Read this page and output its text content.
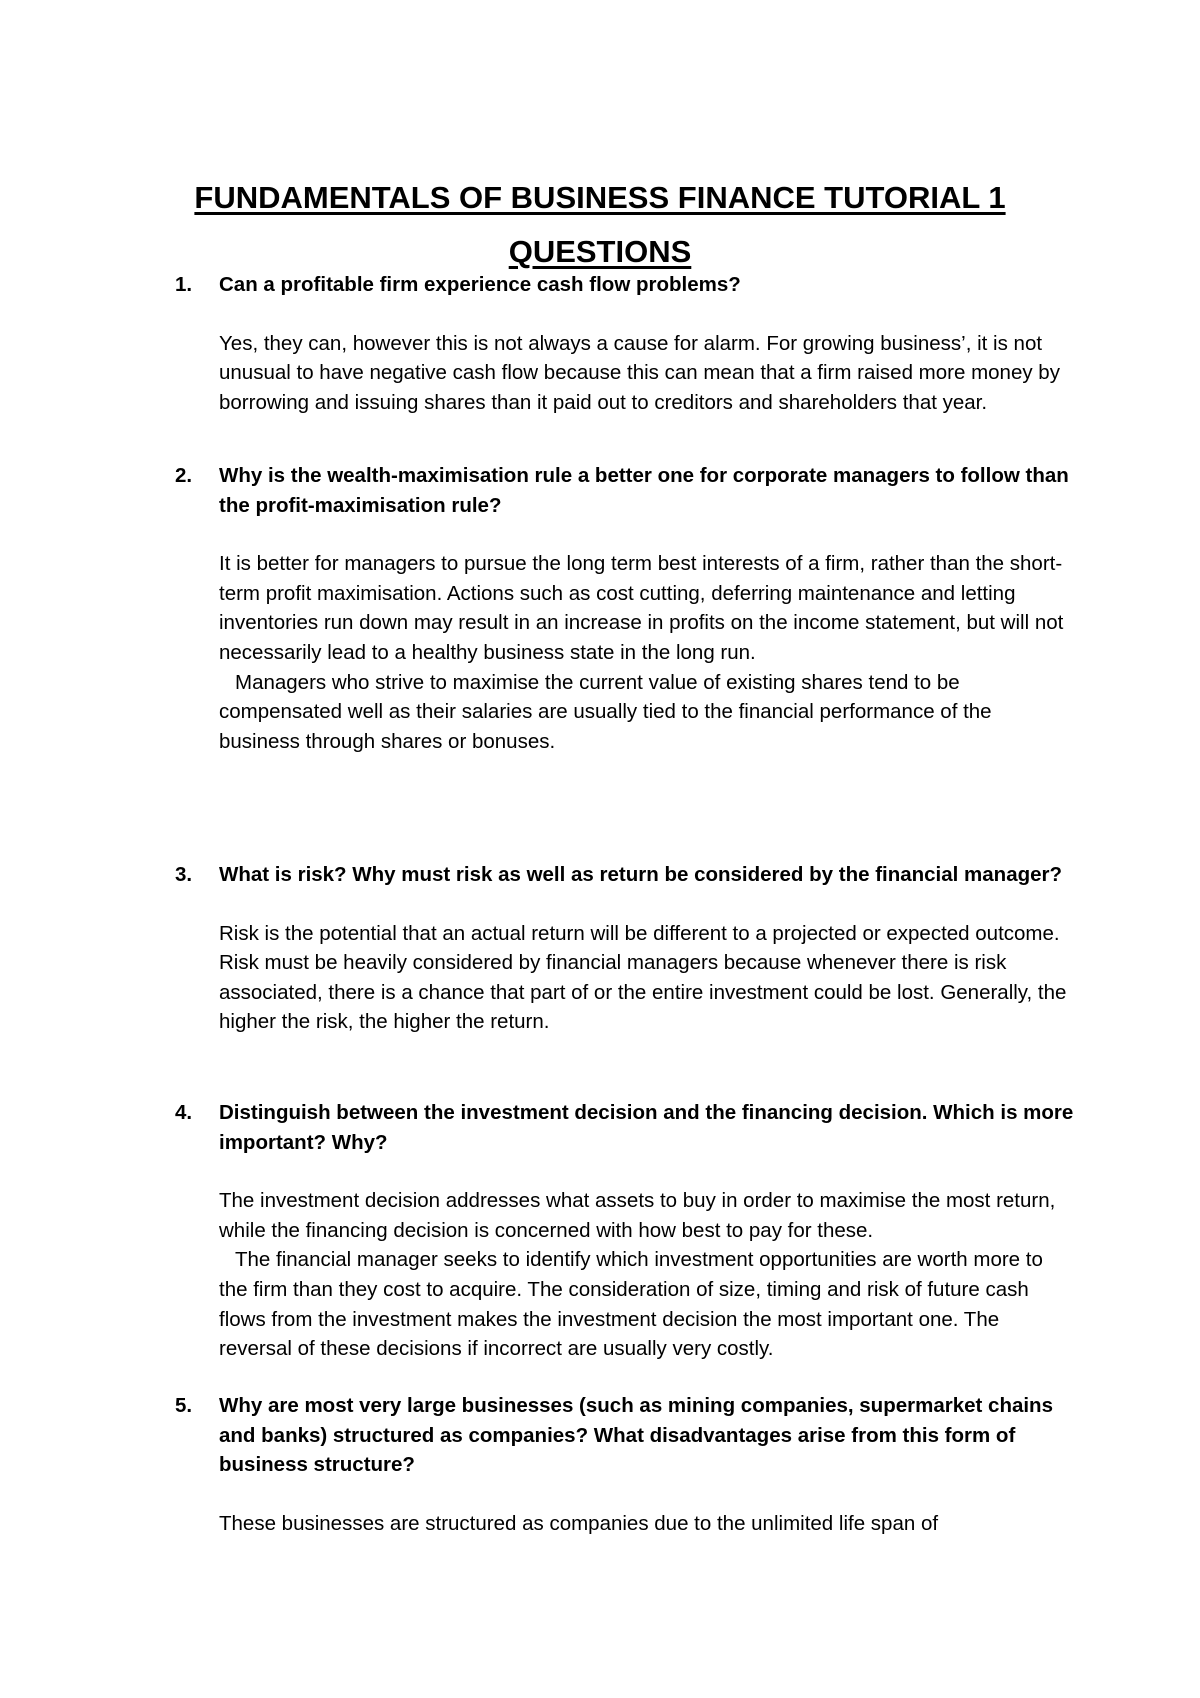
FUNDAMENTALS OF BUSINESS FINANCE TUTORIAL 1
QUESTIONS

1. Can a profitable firm experience cash flow problems?

Yes, they can, however this is not always a cause for alarm. For growing business’, it is not unusual to have negative cash flow because this can mean that a firm raised more money by borrowing and issuing shares than it paid out to creditors and shareholders that year.

2. Why is the wealth-maximisation rule a better one for corporate managers to follow than the profit-maximisation rule?

It is better for managers to pursue the long term best interests of a firm, rather than the short-term profit maximisation. Actions such as cost cutting, deferring maintenance and letting inventories run down may result in an increase in profits on the income statement, but will not necessarily lead to a healthy business state in the long run.

Managers who strive to maximise the current value of existing shares tend to be compensated well as their salaries are usually tied to the financial performance of the business through shares or bonuses.

3. What is risk? Why must risk as well as return be considered by the financial manager?

Risk is the potential that an actual return will be different to a projected or expected outcome. Risk must be heavily considered by financial managers because whenever there is risk associated, there is a chance that part of or the entire investment could be lost. Generally, the higher the risk, the higher the return.

4. Distinguish between the investment decision and the financing decision. Which is more important? Why?

The investment decision addresses what assets to buy in order to maximise the most return, while the financing decision is concerned with how best to pay for these.

The financial manager seeks to identify which investment opportunities are worth more to the firm than they cost to acquire. The consideration of size, timing and risk of future cash flows from the investment makes the investment decision the most important one. The reversal of these decisions if incorrect are usually very costly.

5. Why are most very large businesses (such as mining companies, supermarket chains and banks) structured as companies? What disadvantages arise from this form of business structure?

These businesses are structured as companies due to the unlimited life span of
